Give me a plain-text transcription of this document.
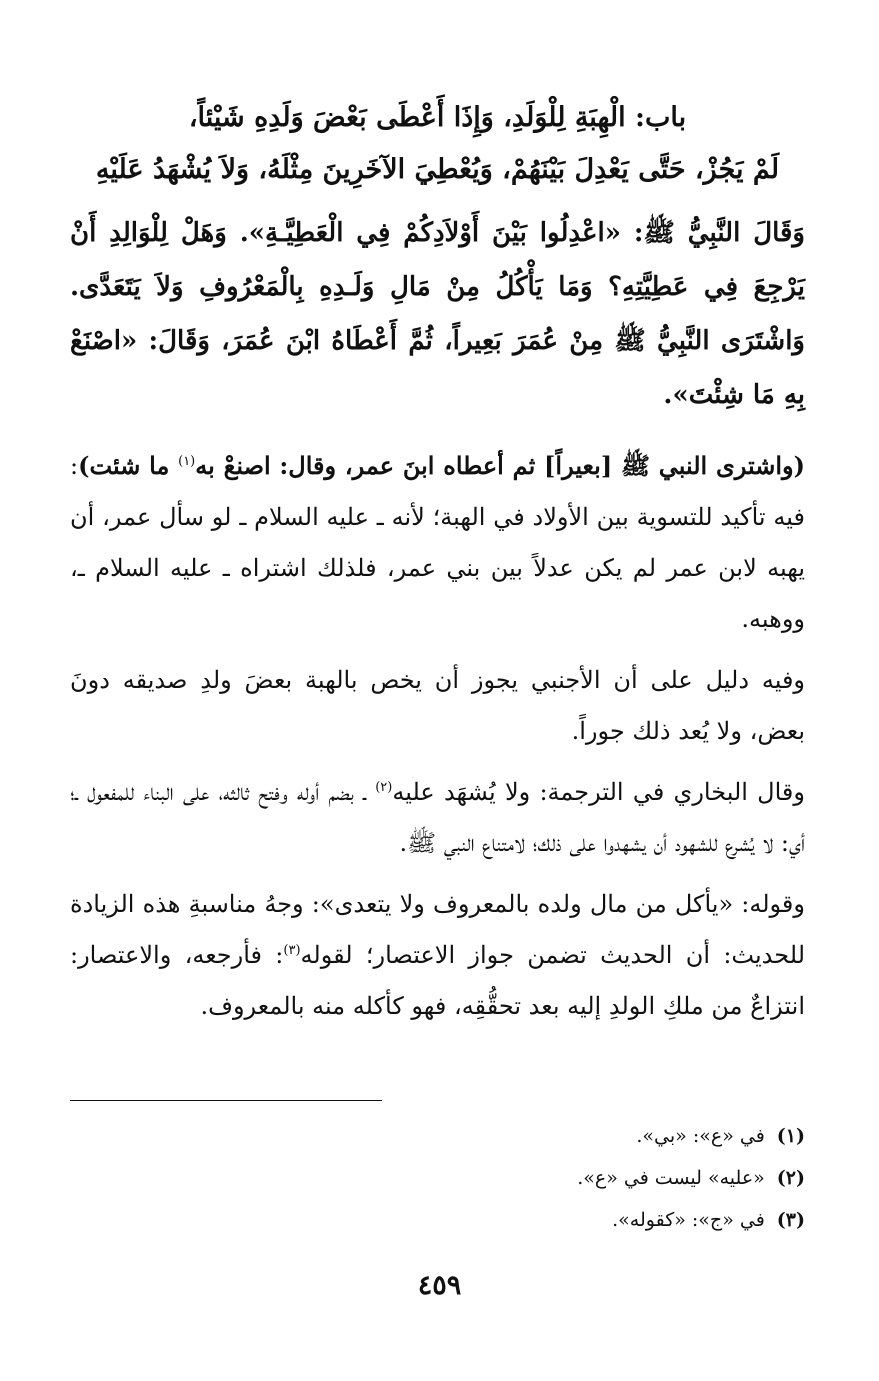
باب: الْهِبَةِ لِلْوَلَدِ، وَإِذَا أَعْطَى بَعْضَ وَلَدِهِ شَيْئاً،
لَمْ يَجُزْ، حَتَّى يَعْدِلَ بَيْنَهُمْ، وَيُعْطِيَ الآخَرِينَ مِثْلَهُ، وَلاَ يُشْهَدُ عَلَيْهِ
وَقَالَ النَّبِيُّ ﷺ: «اعْدِلُوا بَيْنَ أَوْلاَدِكُمْ فِي الْعَطِيَّـةِ». وَهَلْ لِلْوَالِدِ أَنْ يَرْجِعَ فِي عَطِيَّتِهِ؟ وَمَا يَأْكُلُ مِنْ مَالِ وَلَـدِهِ بِالْمَعْرُوفِ وَلاَ يَتَعَدَّى. وَاشْتَرَى النَّبِيُّ ﷺ مِنْ عُمَرَ بَعِيراً، ثُمَّ أَعْطَاهُ ابْنَ عُمَرَ، وَقَالَ: «اصْنَعْ بِهِ مَا شِئْتَ».

(واشترى النبي ﷺ [بعيراً] ثم أعطاه ابنَ عمر، وقال: اصنعْ به$^{(١)}$ ما شئت): فيه تأكيد للتسوية بين الأولاد في الهبة؛ لأنه ـ عليه السلام ـ لو سأل عمر، أن يهبه لابن عمر لم يكن عدلاً بين بني عمر، فلذلك اشتراه ـ عليه السلام ـ، ووهبه.

وفيه دليل على أن الأجنبي يجوز أن يخص بالهبة بعضَ ولدِ صديقه دونَ بعض، ولا يُعد ذلك جوراً.

وقال البخاري في الترجمة: ولا يُشهَد عليه$^{(٢)}$ ـ بضم أوله وفتح ثالثه، على البناء للمفعول ـ؛ أي: لا يُشرع للشهود أن يشهدوا على ذلك؛ لامتناع النبي ﷺ.

وقوله: «يأكل من مال ولده بالمعروف ولا يتعدى»: وجهُ مناسبةِ هذه الزيادة للحديث: أن الحديث تضمن جواز الاعتصار؛ لقوله$^{(٣)}$: فأرجعه، والاعتصار: انتزاعٌ من ملكِ الولدِ إليه بعد تحقُّقِه، فهو كأكله منه بالمعروف.

(١)في «ع»: «بي».
(٢)«عليه» ليست في «ع».
(٣)في «ج»: «كقوله».
٤٥٩
